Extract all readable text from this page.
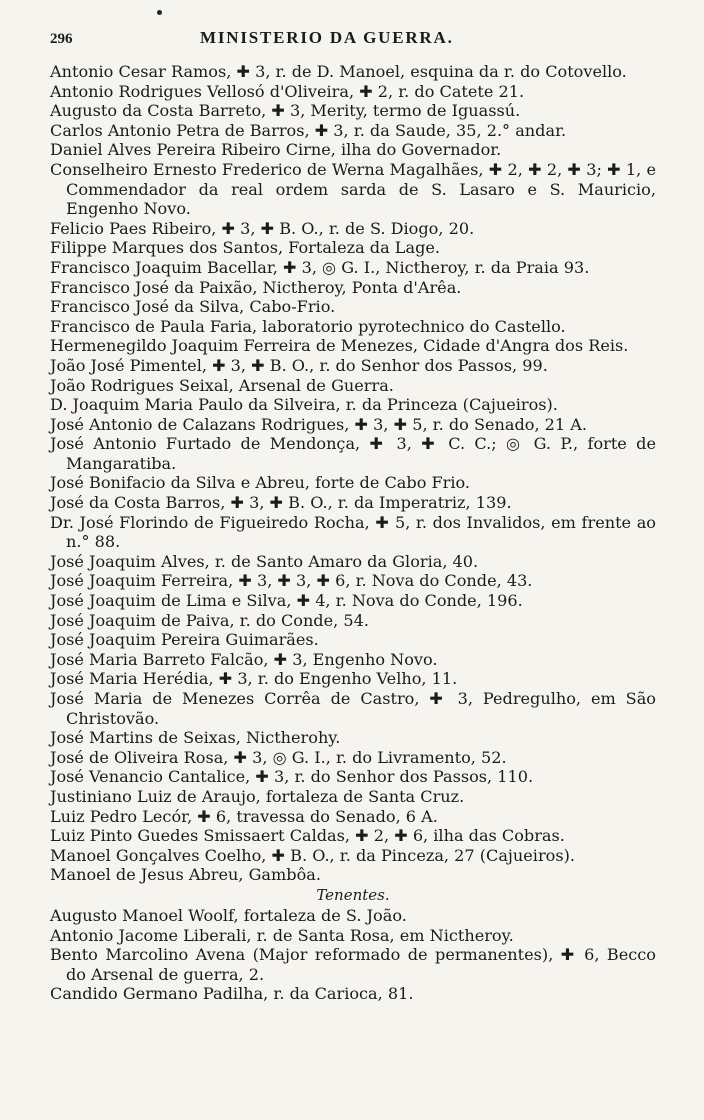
296	MINISTERIO DA GUERRA.
Antonio Cesar Ramos, ✚ 3, r. de D. Manoel, esquina da r. do Cotovello.
Antonio Rodrigues Vellosó d'Oliveira, ✚ 2, r. do Catete 21.
Augusto da Costa Barreto, ✚ 3, Merity, termo de Iguassú.
Carlos Antonio Petra de Barros, ✚ 3, r. da Saude, 35, 2.° andar.
Daniel Alves Pereira Ribeiro Cirne, ilha do Governador.
Conselheiro Ernesto Frederico de Werna Magalhães, ✚ 2, ✚ 2, ✚ 3; ✚ 1, e Commendador da real ordem sarda de S. Lasaro e S. Mauricio, Engenho Novo.
Felicio Paes Ribeiro, ✚ 3, ✚ B. O., r. de S. Diogo, 20.
Filippe Marques dos Santos, Fortaleza da Lage.
Francisco Joaquim Bacellar, ✚ 3, ◎ G. I., Nictheroy, r. da Praia 93.
Francisco José da Paixão, Nictheroy, Ponta d'Arêa.
Francisco José da Silva, Cabo-Frio.
Francisco de Paula Faria, laboratorio pyrotechnico do Castello.
Hermenegildo Joaquim Ferreira de Menezes, Cidade d'Angra dos Reis.
João José Pimentel, ✚ 3, ✚ B. O., r. do Senhor dos Passos, 99.
João Rodrigues Seixal, Arsenal de Guerra.
D. Joaquim Maria Paulo da Silveira, r. da Princeza (Cajueiros).
José Antonio de Calazans Rodrigues, ✚ 3, ✚ 5, r. do Senado, 21 A.
José Antonio Furtado de Mendonça, ✚ 3, ✚ C. C.; ◎ G. P., forte de Mangaratiba.
José Bonifacio da Silva e Abreu, forte de Cabo Frio.
José da Costa Barros, ✚ 3, ✚ B. O., r. da Imperatriz, 139.
Dr. José Florindo de Figueiredo Rocha, ✚ 5, r. dos Invalidos, em frente ao n.° 88.
José Joaquim Alves, r. de Santo Amaro da Gloria, 40.
José Joaquim Ferreira, ✚ 3, ✚ 3, ✚ 6, r. Nova do Conde, 43.
José Joaquim de Lima e Silva, ✚ 4, r. Nova do Conde, 196.
José Joaquim de Paiva, r. do Conde, 54.
José Joaquim Pereira Guimarães.
José Maria Barreto Falcão, ✚ 3, Engenho Novo.
José Maria Herédia, ✚ 3, r. do Engenho Velho, 11.
José Maria de Menezes Corrêa de Castro, ✚ 3, Pedregulho, em São Christovão.
José Martins de Seixas, Nictherohy.
José de Oliveira Rosa, ✚ 3, ◎ G. I., r. do Livramento, 52.
José Venancio Cantalice, ✚ 3, r. do Senhor dos Passos, 110.
Justiniano Luiz de Araujo, fortaleza de Santa Cruz.
Luiz Pedro Lecór, ✚ 6, travessa do Senado, 6 A.
Luiz Pinto Guedes Smissaert Caldas, ✚ 2, ✚ 6, ilha das Cobras.
Manoel Gonçalves Coelho, ✚ B. O., r. da Pinceza, 27 (Cajueiros).
Manoel de Jesus Abreu, Gambôa.
Tenentes.
Augusto Manoel Woolf, fortaleza de S. João.
Antonio Jacome Liberali, r. de Santa Rosa, em Nictheroy.
Bento Marcolino Avena (Major reformado de permanentes), ✚ 6, Becco do Arsenal de guerra, 2.
Candido Germano Padilha, r. da Carioca, 81.
